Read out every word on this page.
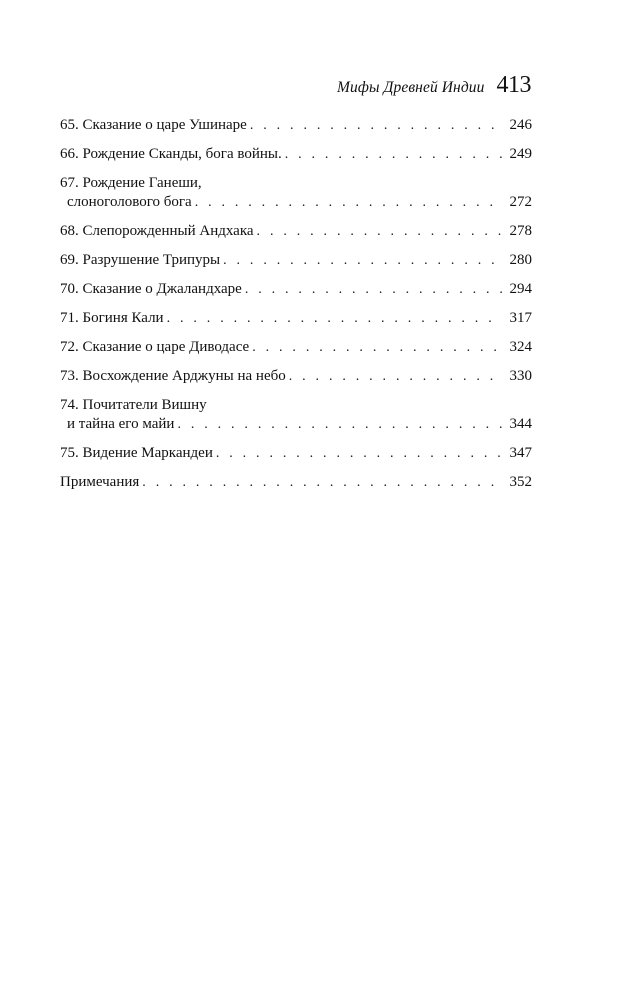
Мифы Древней Индии 413
65. Сказание о царе Ушинаре . . .	246
66. Рождение Сканды, бога войны. . . .	249
67. Рождение Ганеши,
слоноголового бога . . .	272
68. Слепорожденный Андхака . . .	278
69. Разрушение Трипуры . . .	280
70. Сказание о Джаландхаре . . .	294
71. Богиня Кали . . .	317
72. Сказание о царе Диводасе . . .	324
73. Восхождение Арджуны на небо . . .	330
74. Почитатели Вишну
и тайна его майи . . .	344
75. Видение Маркандеи . . .	347
Примечания . . .	352
